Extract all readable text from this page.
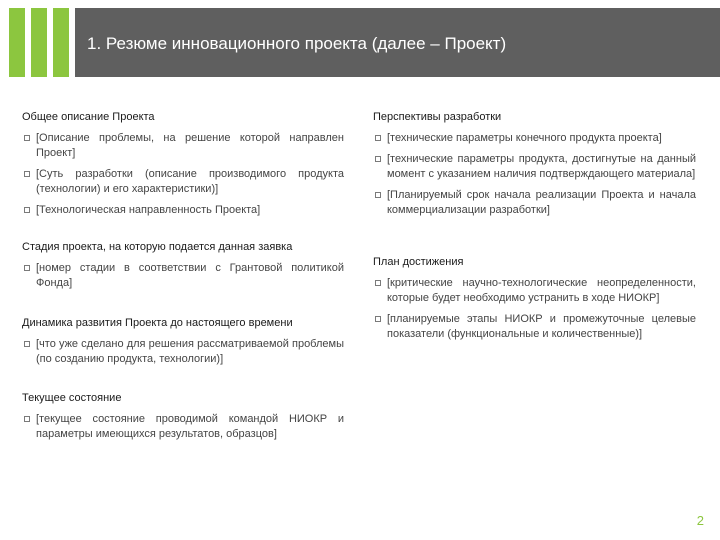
1. Резюме инновационного проекта (далее – Проект)

Общее описание Проекта

[Описание проблемы, на решение которой направлен Проект]
[Суть разработки (описание производимого продукта (технологии) и его характеристики)]
[Технологическая направленность Проекта]

Стадия проекта, на которую подается данная заявка

[номер стадии в соответствии с Грантовой политикой Фонда]

Динамика развития Проекта до настоящего времени

[что уже сделано для решения рассматриваемой проблемы (по созданию продукта, технологии)]

Текущее состояние

[текущее состояние проводимой командой НИОКР и параметры имеющихся результатов, образцов]

Перспективы разработки

[технические параметры конечного продукта проекта]
[технические параметры продукта, достигнутые на данный момент с указанием наличия подтверждающего материала]
[Планируемый срок начала реализации Проекта и начала коммерциализации разработки]

План достижения

[критические научно-технологические неопределенности, которые будет необходимо устранить в ходе НИОКР]
[планируемые этапы НИОКР и промежуточные целевые показатели (функциональные и количественные)]
2
